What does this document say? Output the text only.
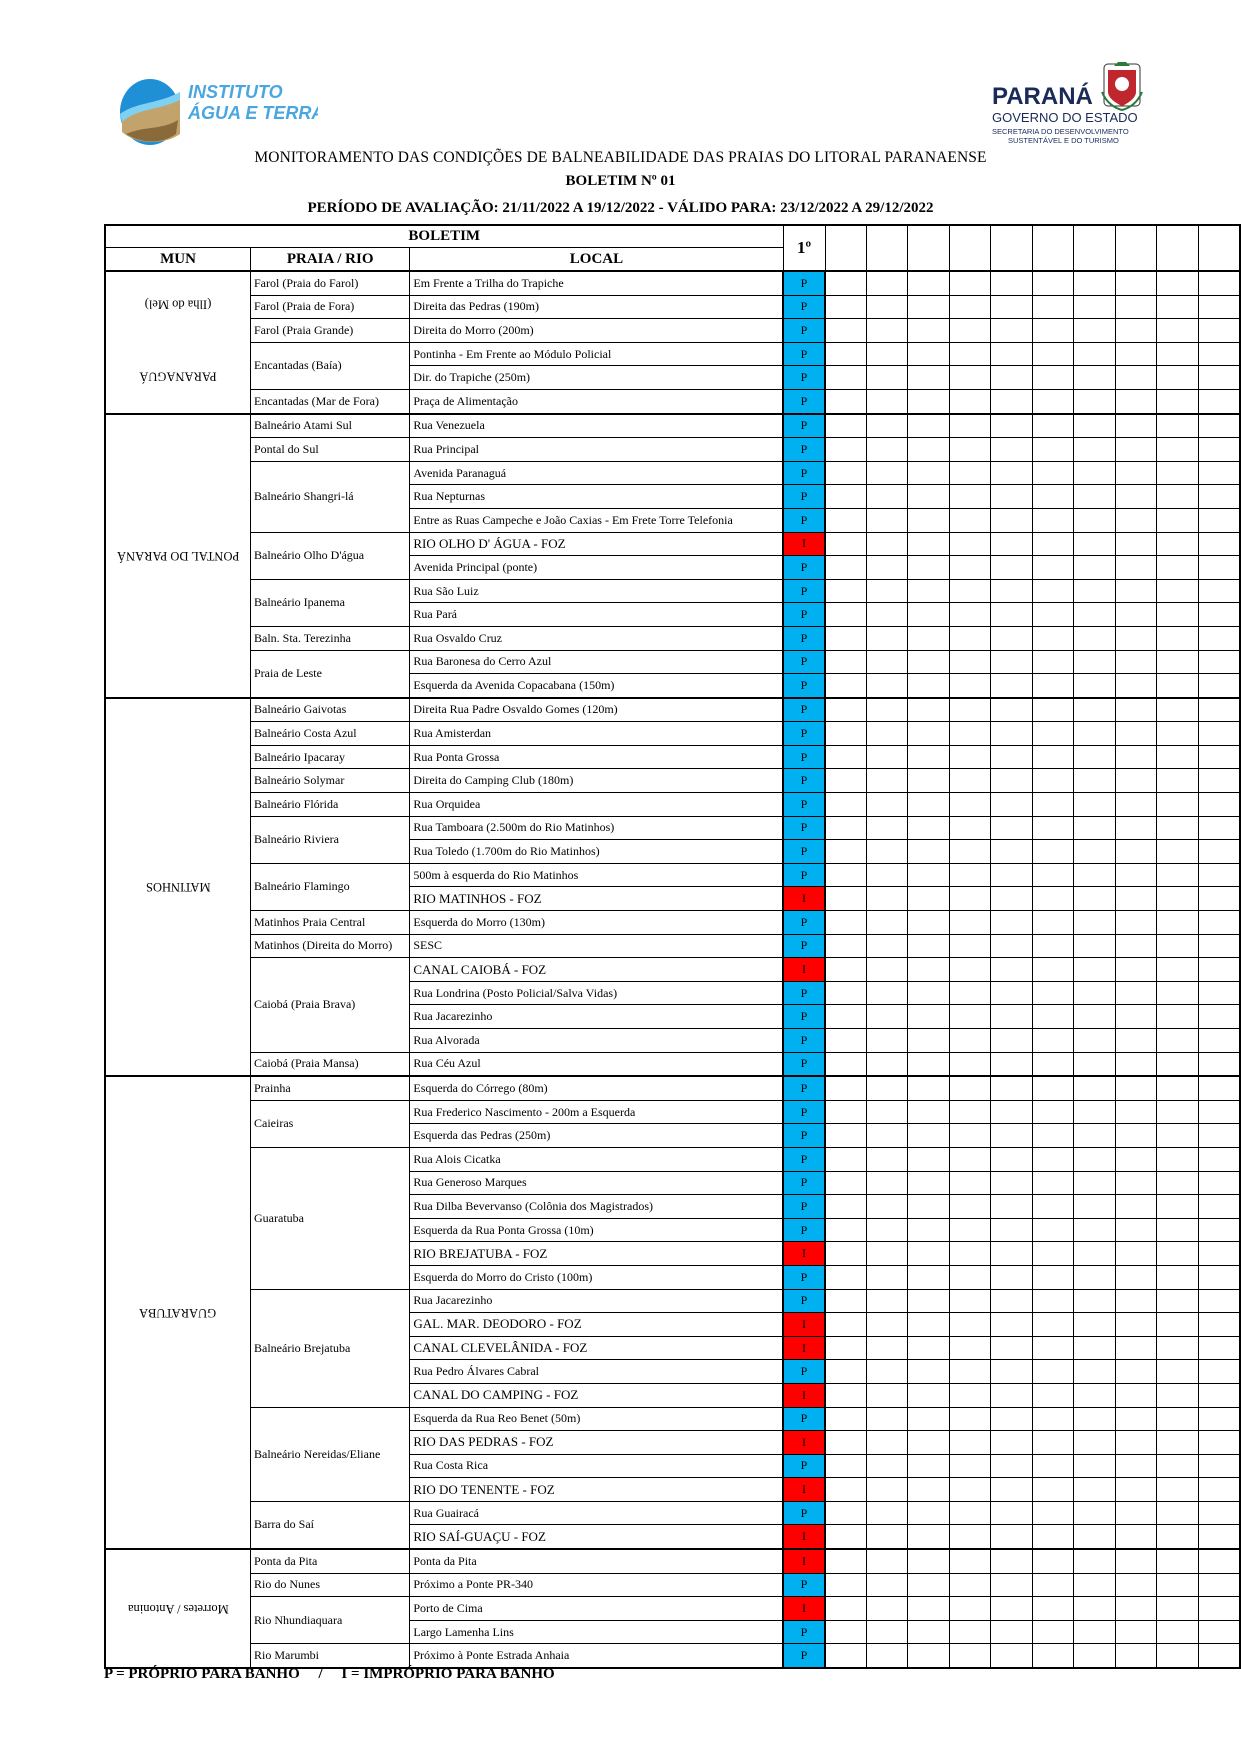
INSTITUTO
ÁGUA E TERRA
PARANÁ
GOVERNO DO ESTADO
SECRETARIA DO DESENVOLVIMENTO
SUSTENTÁVEL E DO TURISMO
MONITORAMENTO DAS CONDIÇÕES DE BALNEABILIDADE DAS PRAIAS DO LITORAL PARANAENSE
BOLETIM Nº 01
PERÍODO DE AVALIAÇÃO: 21/11/2022 A 19/12/2022 - VÁLIDO PARA: 23/12/2022 A 29/12/2022
BOLETIM			1º										
MUN	PRAIA / RIO	LOCAL											
PARANAGUÁ(Ilha do Mel)	Farol (Praia do Farol)	Em Frente a Trilha do Trapiche	P										
	Farol (Praia de Fora)	Direita das Pedras (190m)	P										
	Farol (Praia Grande)	Direita do Morro (200m)	P										
	Encantadas (Baía)	Pontinha - Em Frente ao Módulo Policial	P										
		Dir. do Trapiche (250m)	P										
	Encantadas (Mar de Fora)	Praça de Alimentação	P										
PONTAL DO PARANÁ	Balneário Atami Sul	Rua Venezuela	P										
	Pontal do Sul	Rua Principal	P										
	Balneário Shangri-lá	Avenida Paranaguá	P										
		Rua Nepturnas	P										
		Entre as Ruas Campeche e João Caxias - Em Frete Torre Telefonia	P										
	Balneário Olho D'água	RIO OLHO D' ÁGUA - FOZ	I										
		Avenida Principal (ponte)	P										
	Balneário Ipanema	Rua São Luiz	P										
		Rua Pará	P										
	Baln. Sta. Terezinha	Rua Osvaldo Cruz	P										
	Praia de Leste	Rua Baronesa do Cerro Azul	P										
		Esquerda da Avenida Copacabana (150m)	P										
MATINHOS	Balneário Gaivotas	Direita Rua Padre Osvaldo Gomes (120m)	P										
	Balneário Costa Azul	Rua Amisterdan	P										
	Balneário Ipacaray	Rua Ponta Grossa	P										
	Balneário Solymar	Direita do Camping Club (180m)	P										
	Balneário Flórida	Rua Orquidea	P										
	Balneário Riviera	Rua Tamboara (2.500m do Rio Matinhos)	P										
		Rua Toledo (1.700m do Rio Matinhos)	P										
	Balneário Flamingo	500m à esquerda do Rio Matinhos	P										
		RIO MATINHOS - FOZ	I										
	Matinhos Praia Central	Esquerda do Morro (130m)	P										
	Matinhos (Direita do Morro)	SESC	P										
	Caiobá (Praia Brava)	CANAL CAIOBÁ - FOZ	I										
		Rua Londrina (Posto Policial/Salva Vidas)	P										
		Rua Jacarezinho	P										
		Rua Alvorada	P										
	Caiobá (Praia Mansa)	Rua Céu Azul	P										
GUARATUBA	Prainha	Esquerda do Córrego (80m)	P										
	Caieiras	Rua Frederico Nascimento - 200m a Esquerda	P										
		Esquerda das Pedras (250m)	P										
	Guaratuba	Rua Alois Cicatka	P										
		Rua Generoso Marques	P										
		Rua Dilba Bevervanso (Colônia dos Magistrados)	P										
		Esquerda da Rua Ponta Grossa (10m)	P										
		RIO BREJATUBA - FOZ	I										
		Esquerda do Morro do Cristo (100m)	P										
	Balneário Brejatuba	Rua Jacarezinho	P										
		GAL. MAR. DEODORO - FOZ	I										
		CANAL CLEVELÂNIDA - FOZ	I										
		Rua Pedro Álvares Cabral	P										
		CANAL DO CAMPING - FOZ	I										
	Balneário Nereidas/Eliane	Esquerda da Rua Reo Benet (50m)	P										
		RIO DAS PEDRAS - FOZ	I										
		Rua Costa Rica	P										
		RIO DO TENENTE - FOZ	I										
	Barra do Saí	Rua Guairacá	P										
		RIO SAÍ-GUAÇU - FOZ	I										
Morretes / Antonina	Ponta da Pita	Ponta da Pita	I										
	Rio do Nunes	Próximo a Ponte PR-340	P										
	Rio Nhundiaquara	Porto de Cima	I										
		Largo Lamenha Lins	P										
	Rio Marumbi	Próximo à Ponte Estrada Anhaia	P										
P = PRÓPRIO PARA BANHO     /     I = IMPRÓPRIO PARA BANHO
